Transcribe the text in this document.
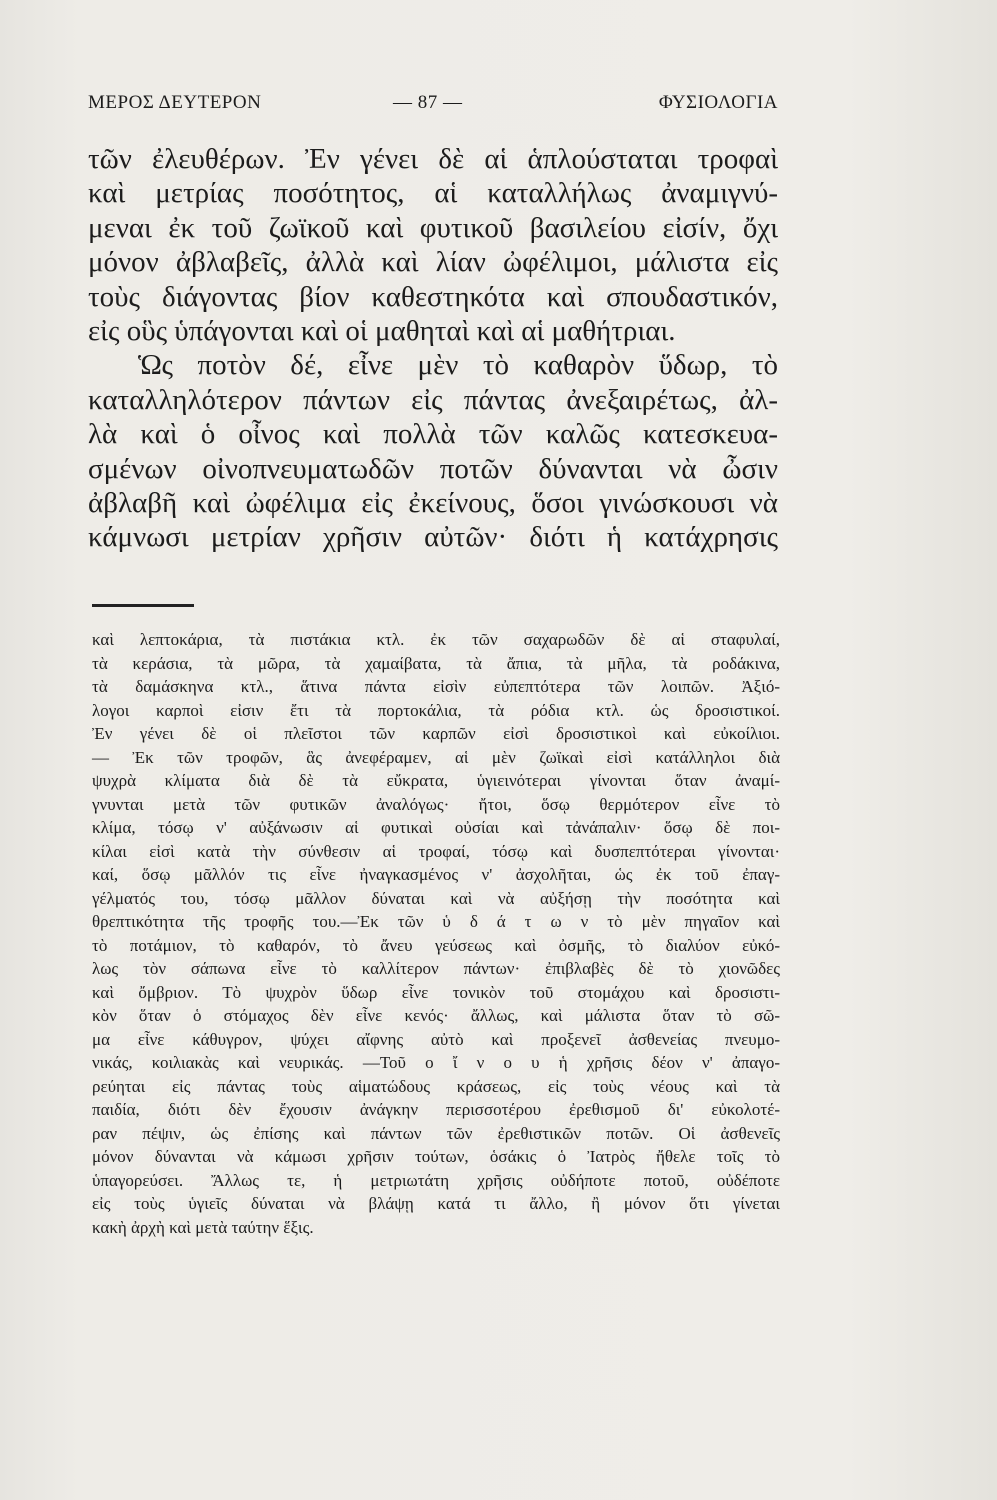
ΜΕΡΟΣ ΔΕΥΤΕΡΟΝ	— 87 —	ΦΥΣΙΟΛΟΓΙΑ
τῶν ἐλευθέρων. Ἐν γένει δὲ αἱ ἁπλούσταται τροφαὶ
καὶ μετρίας ποσότητος, αἱ καταλλήλως ἀναμιγνύ-
μεναι ἐκ τοῦ ζωϊκοῦ καὶ φυτικοῦ βασιλείου εἰσίν, ὄχι
μόνον ἀβλαβεῖς, ἀλλὰ καὶ λίαν ὠφέλιμοι, μάλιστα εἰς
τοὺς διάγοντας βίον καθεστηκότα καὶ σπουδαστικόν,
εἰς οὓς ὑπάγονται καὶ οἱ μαθηταὶ καὶ αἱ μαθήτριαι.
Ὡς ποτὸν δέ, εἶνε μὲν τὸ καθαρὸν ὕδωρ, τὸ
καταλληλότερον πάντων εἰς πάντας ἀνεξαιρέτως, ἀλ-
λὰ καὶ ὁ οἶνος καὶ πολλὰ τῶν καλῶς κατεσκευα-
σμένων οἰνοπνευματωδῶν ποτῶν δύνανται νὰ ὦσιν
ἀβλαβῆ καὶ ὠφέλιμα εἰς ἐκείνους, ὅσοι γινώσκουσι νὰ
κάμνωσι μετρίαν χρῆσιν αὐτῶν· διότι ἡ κατάχρησις
καὶ λεπτοκάρια, τὰ πιστάκια κτλ. ἐκ τῶν σαχαρωδῶν δὲ αἱ σταφυλαί,
τὰ κεράσια, τὰ μῶρα, τὰ χαμαίβατα, τὰ ἄπια, τὰ μῆλα, τὰ ροδάκινα,
τὰ δαμάσκηνα κτλ., ἅτινα πάντα εἰσὶν εὐπεπτότερα τῶν λοιπῶν. Ἀξιό-
λογοι καρποὶ εἰσιν ἔτι τὰ πορτοκάλια, τὰ ρόδια κτλ. ὡς δροσιστικοί.
Ἐν γένει δὲ οἱ πλεῖστοι τῶν καρπῶν εἰσὶ δροσιστικοὶ καὶ εὐκοίλιοι.
— Ἐκ τῶν τροφῶν, ἃς ἀνεφέραμεν, αἱ μὲν ζωϊκαὶ εἰσὶ κατάλληλοι διὰ
ψυχρὰ κλίματα διὰ δὲ τὰ εὔκρατα, ὑγιεινότεραι γίνονται ὅταν ἀναμί-
γνυνται μετὰ τῶν φυτικῶν ἀναλόγως· ἤτοι, ὅσῳ θερμότερον εἶνε τὸ
κλίμα, τόσῳ ν' αὐξάνωσιν αἱ φυτικαὶ οὐσίαι καὶ τἀνάπαλιν· ὅσῳ δὲ ποι-
κίλαι εἰσὶ κατὰ τὴν σύνθεσιν αἱ τροφαί, τόσῳ καὶ δυσπεπτότεραι γίνονται·
καί, ὅσῳ μᾶλλόν τις εἶνε ἠναγκασμένος ν' ἀσχολῆται, ὡς ἐκ τοῦ ἐπαγ-
γέλματός του, τόσῳ μᾶλλον δύναται καὶ νὰ αὐξήσῃ τὴν ποσότητα καὶ
θρεπτικότητα τῆς τροφῆς του.—Ἐκ τῶν ὑ δ ά τ ω ν τὸ μὲν πηγαῖον καὶ
τὸ ποτάμιον, τὸ καθαρόν, τὸ ἄνευ γεύσεως καὶ ὀσμῆς, τὸ διαλύον εὐκό-
λως τὸν σάπωνα εἶνε τὸ καλλίτερον πάντων· ἐπιβλαβὲς δὲ τὸ χιονῶδες
καὶ ὄμβριον. Τὸ ψυχρὸν ὕδωρ εἶνε τονικὸν τοῦ στομάχου καὶ δροσιστι-
κὸν ὅταν ὁ στόμαχος δὲν εἶνε κενός· ἄλλως, καὶ μάλιστα ὅταν τὸ σῶ-
μα εἶνε κάθυγρον, ψύχει αἴφνης αὐτὸ καὶ προξενεῖ ἀσθενείας πνευμο-
νικάς, κοιλιακὰς καὶ νευρικάς. —Τοῦ ο ἴ ν ο υ ἡ χρῆσις δέον ν' ἀπαγο-
ρεύηται εἰς πάντας τοὺς αἱματώδους κράσεως, εἰς τοὺς νέους καὶ τὰ
παιδία, διότι δὲν ἔχουσιν ἀνάγκην περισσοτέρου ἐρεθισμοῦ δι' εὐκολοτέ-
ραν πέψιν, ὡς ἐπίσης καὶ πάντων τῶν ἐρεθιστικῶν ποτῶν. Οἱ ἀσθενεῖς
μόνον δύνανται νὰ κάμωσι χρῆσιν τούτων, ὁσάκις ὁ Ἰατρὸς ἤθελε τοῖς τὸ
ὑπαγορεύσει. Ἄλλως τε, ἡ μετριωτάτη χρῆσις οὐδήποτε ποτοῦ, οὐδέποτε
εἰς τοὺς ὑγιεῖς δύναται νὰ βλάψῃ κατά τι ἄλλο, ἢ μόνον ὅτι γίνεται
κακὴ ἀρχὴ καὶ μετὰ ταύτην ἕξις.
